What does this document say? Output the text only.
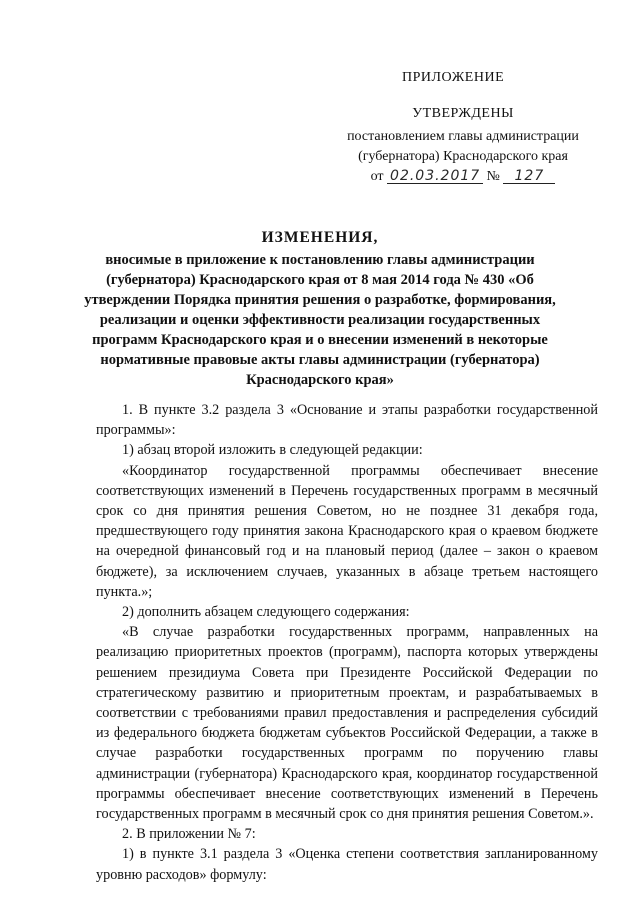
ПРИЛОЖЕНИЕ
УТВЕРЖДЕНЫ
постановлением главы администрации
(губернатора) Краснодарского края
от 02.03.2017 № 127
ИЗМЕНЕНИЯ,
вносимые в приложение к постановлению главы администрации (губернатора) Краснодарского края от 8 мая 2014 года № 430 «Об утверждении Порядка принятия решения о разработке, формирования, реализации и оценки эффективности реализации государственных программ Краснодарского края и о внесении изменений в некоторые нормативные правовые акты главы администрации (губернатора) Краснодарского края»

1. В пункте 3.2 раздела 3 «Основание и этапы разработки государственной программы»:

1) абзац второй изложить в следующей редакции:

«Координатор государственной программы обеспечивает внесение соответствующих изменений в Перечень государственных программ в месячный срок со дня принятия решения Советом, но не позднее 31 декабря года, предшествующего году принятия закона Краснодарского края о краевом бюджете на очередной финансовый год и на плановый период (далее – закон о краевом бюджете), за исключением случаев, указанных в абзаце третьем настоящего пункта.»;

2) дополнить абзацем следующего содержания:

«В случае разработки государственных программ, направленных на реализацию приоритетных проектов (программ), паспорта которых утверждены решением президиума Совета при Президенте Российской Федерации по стратегическому развитию и приоритетным проектам, и разрабатываемых в соответствии с требованиями правил предоставления и распределения субсидий из федерального бюджета бюджетам субъектов Российской Федерации, а также в случае разработки государственных программ по поручению главы администрации (губернатора) Краснодарского края, координатор государственной программы обеспечивает внесение соответствующих изменений в Перечень государственных программ в месячный срок со дня принятия решения Советом.».

2. В приложении № 7:

1) в пункте 3.1 раздела 3 «Оценка степени соответствия запланированному уровню расходов» формулу:
